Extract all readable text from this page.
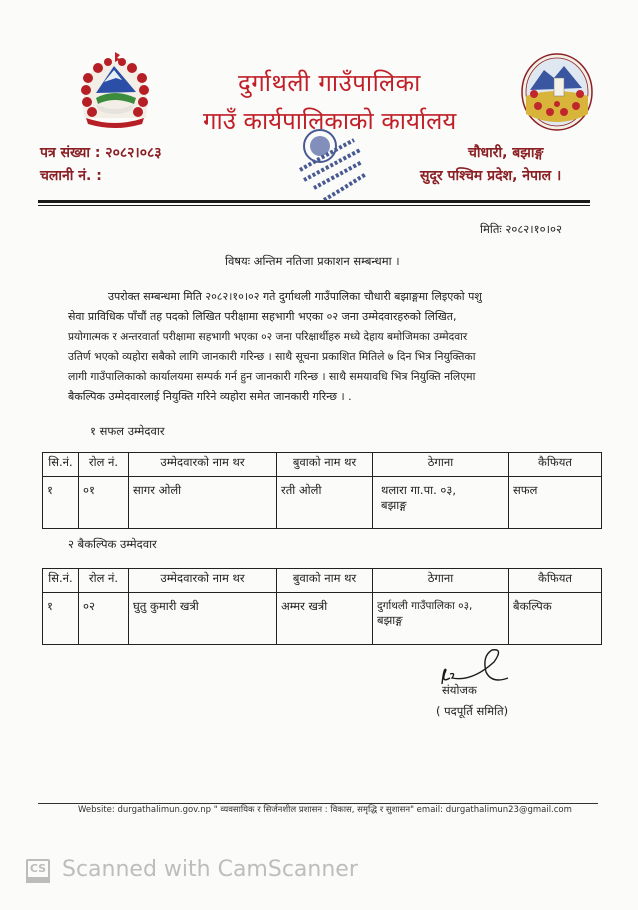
दुर्गाथली गाउँपालिका
गाउँ कार्यपालिकाको कार्यालय
पत्र संख्या : २०८२।०८३
चलानी नं. :
चौधारी, बझाङ्ग
सुदूर पश्चिम प्रदेश, नेपाल ।
मितिः २०८२।१०।०२
विषयः अन्तिम नतिजा प्रकाशन सम्बन्धमा ।
उपरोक्त सम्बन्धमा मिति २०८२।१०।०२ गते दुर्गाथली गाउँपालिका चौधारी बझाङ्गमा लिइएको पशु
सेवा प्राविधिक पाँचौं तह पदको लिखित परीक्षामा सहभागी भएका ०२ जना उम्मेदवारहरुको लिखित,
प्रयोगात्मक र अन्तरवार्ता परीक्षामा सहभागी भएका ०२ जना परिक्षार्थीहरु मध्ये देहाय बमोजिमका उम्मेदवार
उतिर्ण भएको व्यहोरा सबैको लागि जानकारी गरिन्छ । साथै सूचना प्रकाशित मितिले ७ दिन भित्र नियुक्तिका
लागी गाउँपालिकाको कार्यालयमा सम्पर्क गर्न हुन जानकारी गरिन्छ । साथै समयावधि भित्र नियुक्ति नलिएमा
बैकल्पिक उम्मेदवारलाई नियुक्ति गरिने व्यहोरा समेत जानकारी गरिन्छ । .
१ सफल उम्मेदवार
सि.नं.	रोल नं.	उम्मेदवारको नाम थर	बुवाको नाम थर	ठेगाना	कैफियत
१	०१	सागर ओली	रती ओली	थलारा गा.पा. ०३,
बझाङ्ग	सफल
२ बैकल्पिक उम्मेदवार
सि.नं.	रोल नं.	उम्मेदवारको नाम थर	बुवाको नाम थर	ठेगाना	कैफियत
१	०२	घुतु कुमारी खत्री	अम्मर खत्री	दुर्गाथली गाउँपालिका ०३,
बझाङ्ग	बैकल्पिक
संयोजक
( पदपूर्ति समिति)
Website: durgathalimun.gov.np " व्यवसायिक र सिर्जनशील प्रशासन : विकास, समृद्धि र सुशासन" email: durgathalimun23@gmail.com
CS Scanned with CamScanner
